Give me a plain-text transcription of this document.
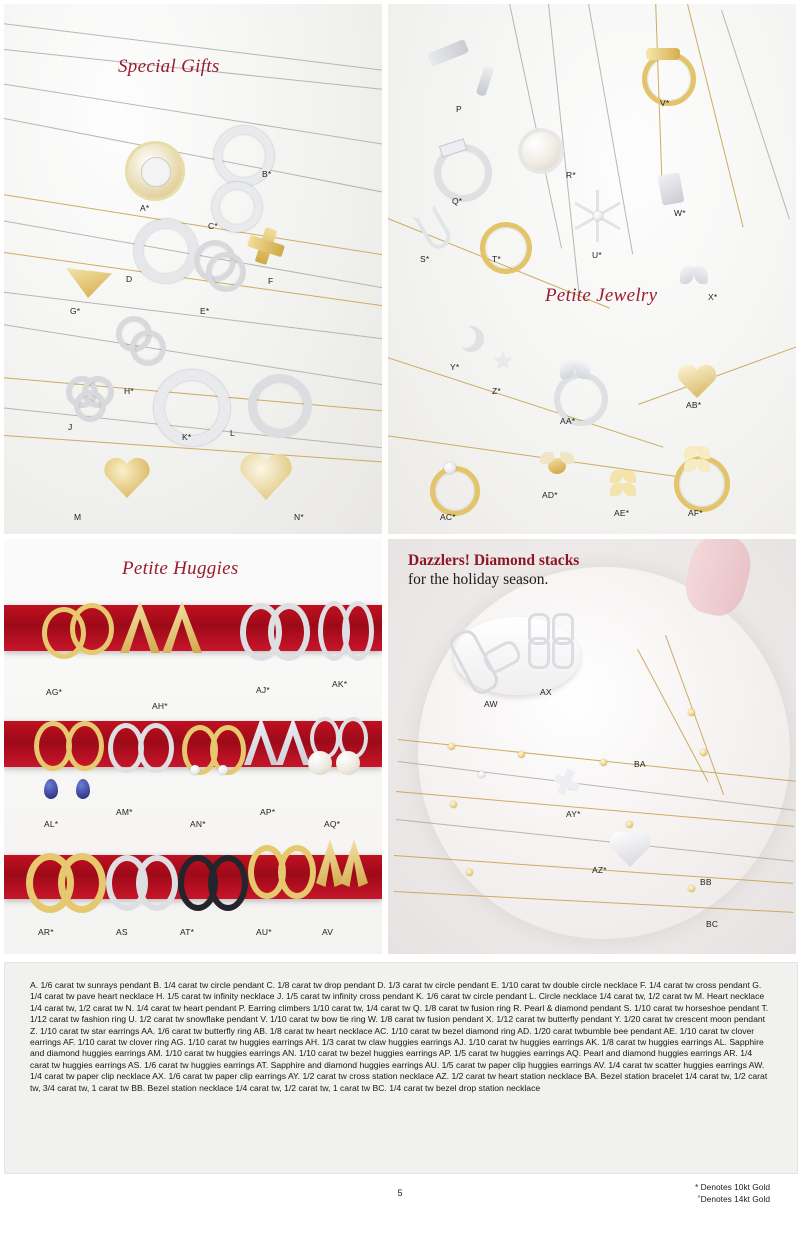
A*
B*
C*
D
E*
F
G*
H*
J
K*	L
M	N*
Special Gifts
P
Q*
R*
S*	T*	U*
V*
W*
X*
Y*
Z*
AA*
AB*
AC*
AD*
AE*	AF*
Petite Jewelry
AG*
AH*
AJ*
AK*
AL*
AM*
AN*
AP*
AQ*
AR*	AS	AT*	AU*	AV
Petite Huggies
AW
AX
AY*
AZ*
BA
BB
BC
Dazzlers! Diamond stacks
for the holiday season.
A. 1/6 carat tw sunrays pendant B. 1/4 carat tw circle pendant C. 1/8 carat tw drop pendant D. 1/3 carat tw circle pendant E. 1/10 carat tw double circle necklace F. 1/4 carat tw cross pendant G. 1/4 carat tw pave heart necklace H. 1/5 carat tw infinity necklace J. 1/5 carat tw infinity cross pendant K. 1/6 carat tw circle pendant L. Circle necklace 1/4 carat tw, 1/2 carat tw M. Heart necklace 1/4 carat tw, 1/2 carat tw N. 1/4 carat tw heart pendant P. Earring climbers 1/10 carat tw, 1/4 carat tw Q. 1/8 carat tw fusion ring R. Pearl & diamond pendant S. 1/10 carat tw horseshoe pendant T. 1/12 carat tw fashion ring U. 1/2 carat tw snowflake pendant V. 1/10 carat tw bow tie ring W. 1/8 carat tw fusion pendant X. 1/12 carat tw butterfly pendant Y. 1/20 carat tw crescent moon pendant Z. 1/10 carat tw star earrings AA. 1/6 carat tw butterfly ring AB. 1/8 carat tw heart necklace AC. 1/10 carat tw bezel diamond ring AD. 1/20 carat twbumble bee pendant AE. 1/10 carat tw clover earrings AF. 1/10 carat tw clover ring AG. 1/10 carat tw huggies earrings AH. 1/3 carat tw claw huggies earrings AJ. 1/10 carat tw huggies earrings AK. 1/8 carat tw huggies earrings AL. Sapphire and diamond huggies earrings AM. 1/10 carat tw huggies earrings AN. 1/10 carat tw bezel huggies earrings AP. 1/5 carat tw huggies earrings AQ. Pearl and diamond huggies earrings AR. 1/4 carat tw huggies earrings AS. 1/6 carat tw huggies earrings AT. Sapphire and diamond huggies earrings AU. 1/5 carat tw paper clip huggies earrings AV. 1/4 carat tw scatter huggies earrings AW. 1/4 carat tw paper clip necklace AX. 1/6 carat tw paper clip earrings AY. 1/2 carat tw cross station necklace AZ. 1/2 carat tw heart station necklace BA. Bezel station bracelet 1/4 carat tw, 1/2 carat tw, 3/4 carat tw, 1 carat tw BB. Bezel station necklace 1/4 carat tw, 1/2 carat tw, 1 carat tw BC. 1/4 carat tw bezel drop station necklace
5
* Denotes 10kt Gold
˚Denotes 14kt Gold
